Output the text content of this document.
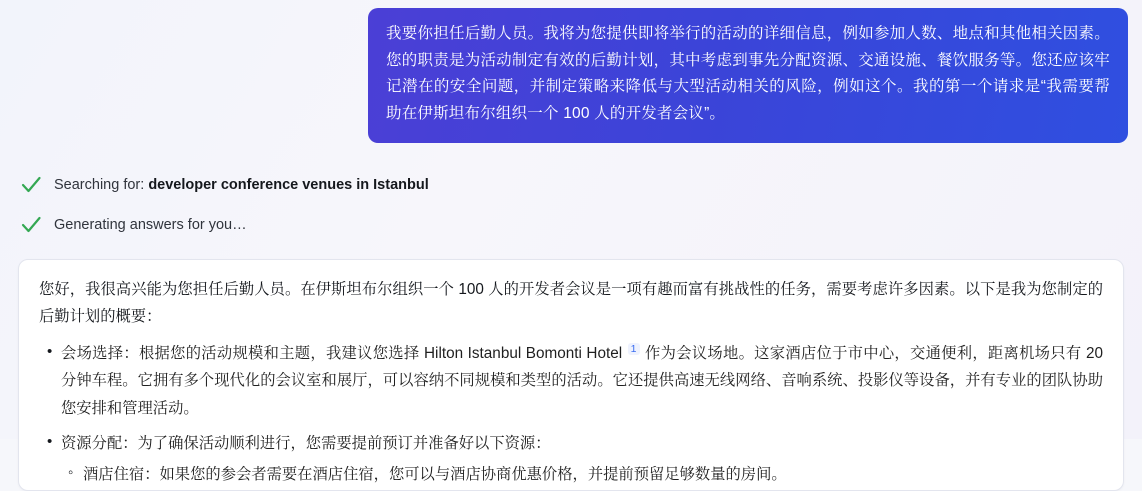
我要你担任后勤人员。我将为您提供即将举行的活动的详细信息，例如参加人数、地点和其他相关因素。您的职责是为活动制定有效的后勤计划，其中考虑到事先分配资源、交通设施、餐饮服务等。您还应该牢记潜在的安全问题，并制定策略来降低与大型活动相关的风险，例如这个。我的第一个请求是“我需要帮助在伊斯坦布尔组织一个 100 人的开发者会议”。
Searching for: developer conference venues in Istanbul
Generating answers for you…

您好，我很高兴能为您担任后勤人员。在伊斯坦布尔组织一个 100 人的开发者会议是一项有趣而富有挑战性的任务，需要考虑许多因素。以下是我为您制定的后勤计划的概要：

• 会场选择：根据您的活动规模和主题，我建议您选择 Hilton Istanbul Bomonti Hotel 1 作为会议场地。这家酒店位于市中心，交通便利，距离机场只有 20 分钟车程。它拥有多个现代化的会议室和展厅，可以容纳不同规模和类型的活动。它还提供高速无线网络、音响系统、投影仪等设备，并有专业的团队协助您安排和管理活动。
• 资源分配：为了确保活动顺利进行，您需要提前预订并准备好以下资源：
◦ 酒店住宿：如果您的参会者需要在酒店住宿，您可以与酒店协商优惠价格，并提前预留足够数量的房间。
